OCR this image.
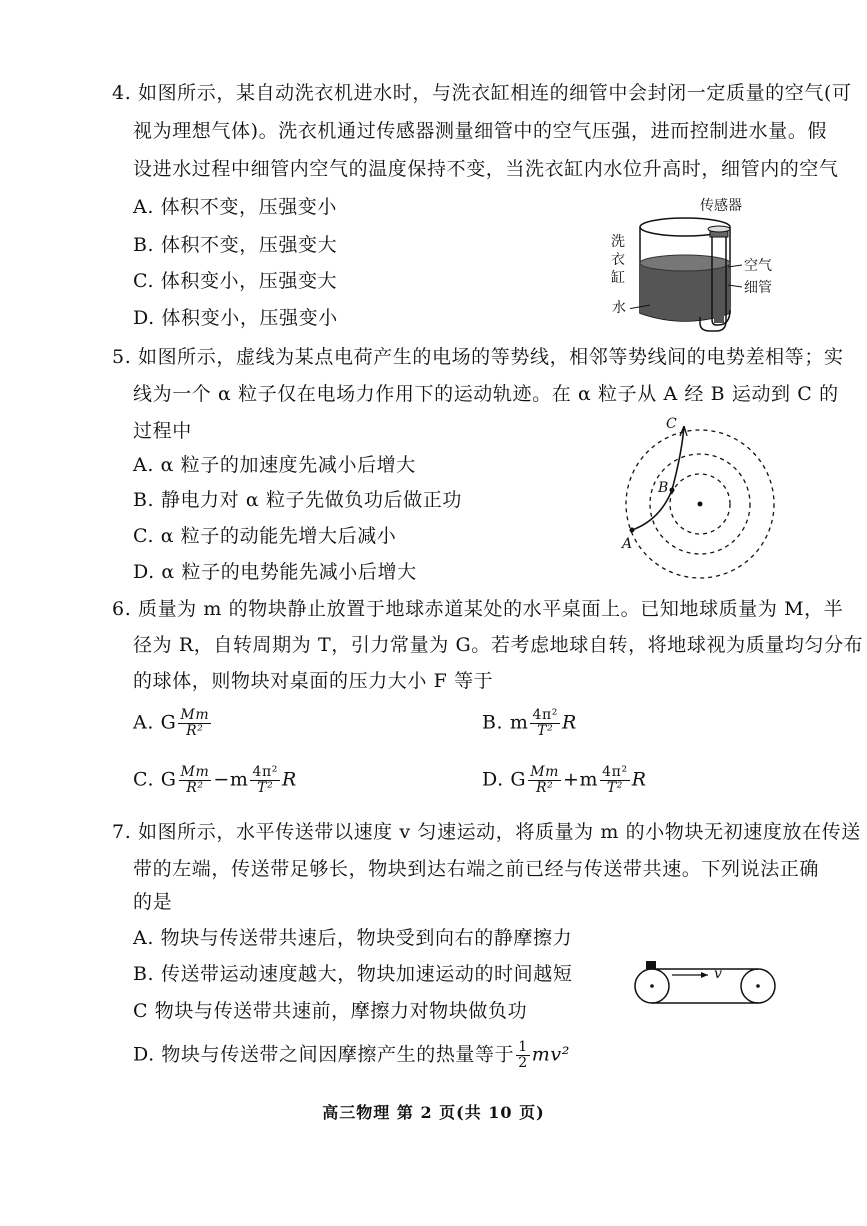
4. 如图所示，某自动洗衣机进水时，与洗衣缸相连的细管中会封闭一定质量的空气(可
视为理想气体)。洗衣机通过传感器测量细管中的空气压强，进而控制进水量。假
设进水过程中细管内空气的温度保持不变，当洗衣缸内水位升高时，细管内的空气
A. 体积不变，压强变小
B. 体积不变，压强变大
C. 体积变小，压强变大
D. 体积变小，压强变小
传感器
洗
衣
缸
空气
细管
水
5. 如图所示，虚线为某点电荷产生的电场的等势线，相邻等势线间的电势差相等；实
线为一个 α 粒子仅在电场力作用下的运动轨迹。在 α 粒子从 A 经 B 运动到 C 的
过程中
A. α 粒子的加速度先减小后增大
B. 静电力对 α 粒子先做负功后做正功
C. α 粒子的动能先增大后减小
D. α 粒子的电势能先减小后增大
A
B
C
6. 质量为 m 的物块静止放置于地球赤道某处的水平桌面上。已知地球质量为 M，半
径为 R，自转周期为 T，引力常量为 G。若考虑地球自转，将地球视为质量均匀分布
的球体，则物块对桌面的压力大小 F 等于
A. G $\frac{Mm}{\text{R²}}$	B. m $\frac{\text{4π²}}{\text{T²}}$ R
C. G $\frac{Mm}{\text{R²}} -m \frac{\text{4π²}}{\text{T²}}$ R	D. G $\frac{Mm}{\text{R²}} +m \frac{\text{4π²}}{\text{T²}}$ R
7. 如图所示，水平传送带以速度 v 匀速运动，将质量为 m 的小物块无初速度放在传送
带的左端，传送带足够长，物块到达右端之前已经与传送带共速。下列说法正确
的是
A. 物块与传送带共速后，物块受到向右的静摩擦力
B. 传送带运动速度越大，物块加速运动的时间越短
C 物块与传送带共速前，摩擦力对物块做负功
D. 物块与传送带之间因摩擦产生的热量等于 $\frac{1}{2} mv^2$
v
高三物理 第 2 页(共 10 页)
